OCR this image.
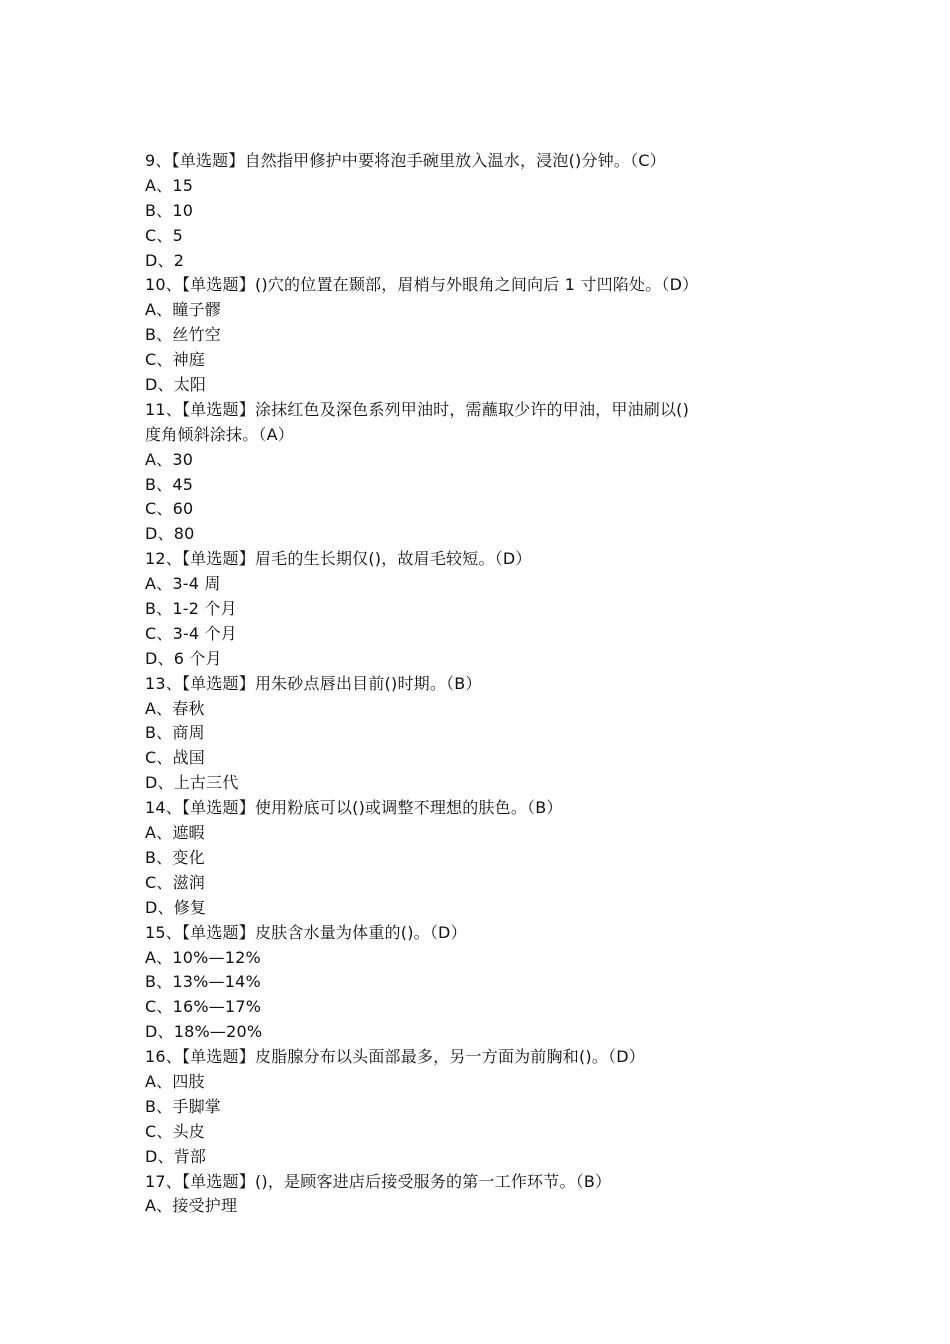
9、【单选题】自然指甲修护中要将泡手碗里放入温水，浸泡()分钟。（C）
A、15
B、10
C、5
D、2
10、【单选题】()穴的位置在颞部，眉梢与外眼角之间向后 1 寸凹陷处。（D）
A、瞳子髎
B、丝竹空
C、神庭
D、太阳
11、【单选题】涂抹红色及深色系列甲油时，需蘸取少许的甲油，甲油刷以()
度角倾斜涂抹。（A）
A、30
B、45
C、60
D、80
12、【单选题】眉毛的生长期仅()，故眉毛较短。（D）
A、3-4 周
B、1-2 个月
C、3-4 个月
D、6 个月
13、【单选题】用朱砂点唇出目前()时期。（B）
A、春秋
B、商周
C、战国
D、上古三代
14、【单选题】使用粉底可以()或调整不理想的肤色。（B）
A、遮暇
B、变化
C、滋润
D、修复
15、【单选题】皮肤含水量为体重的()。（D）
A、10%—12%
B、13%—14%
C、16%—17%
D、18%—20%
16、【单选题】皮脂腺分布以头面部最多，另一方面为前胸和()。（D）
A、四肢
B、手脚掌
C、头皮
D、背部
17、【单选题】()，是顾客进店后接受服务的第一工作环节。（B）
A、接受护理
